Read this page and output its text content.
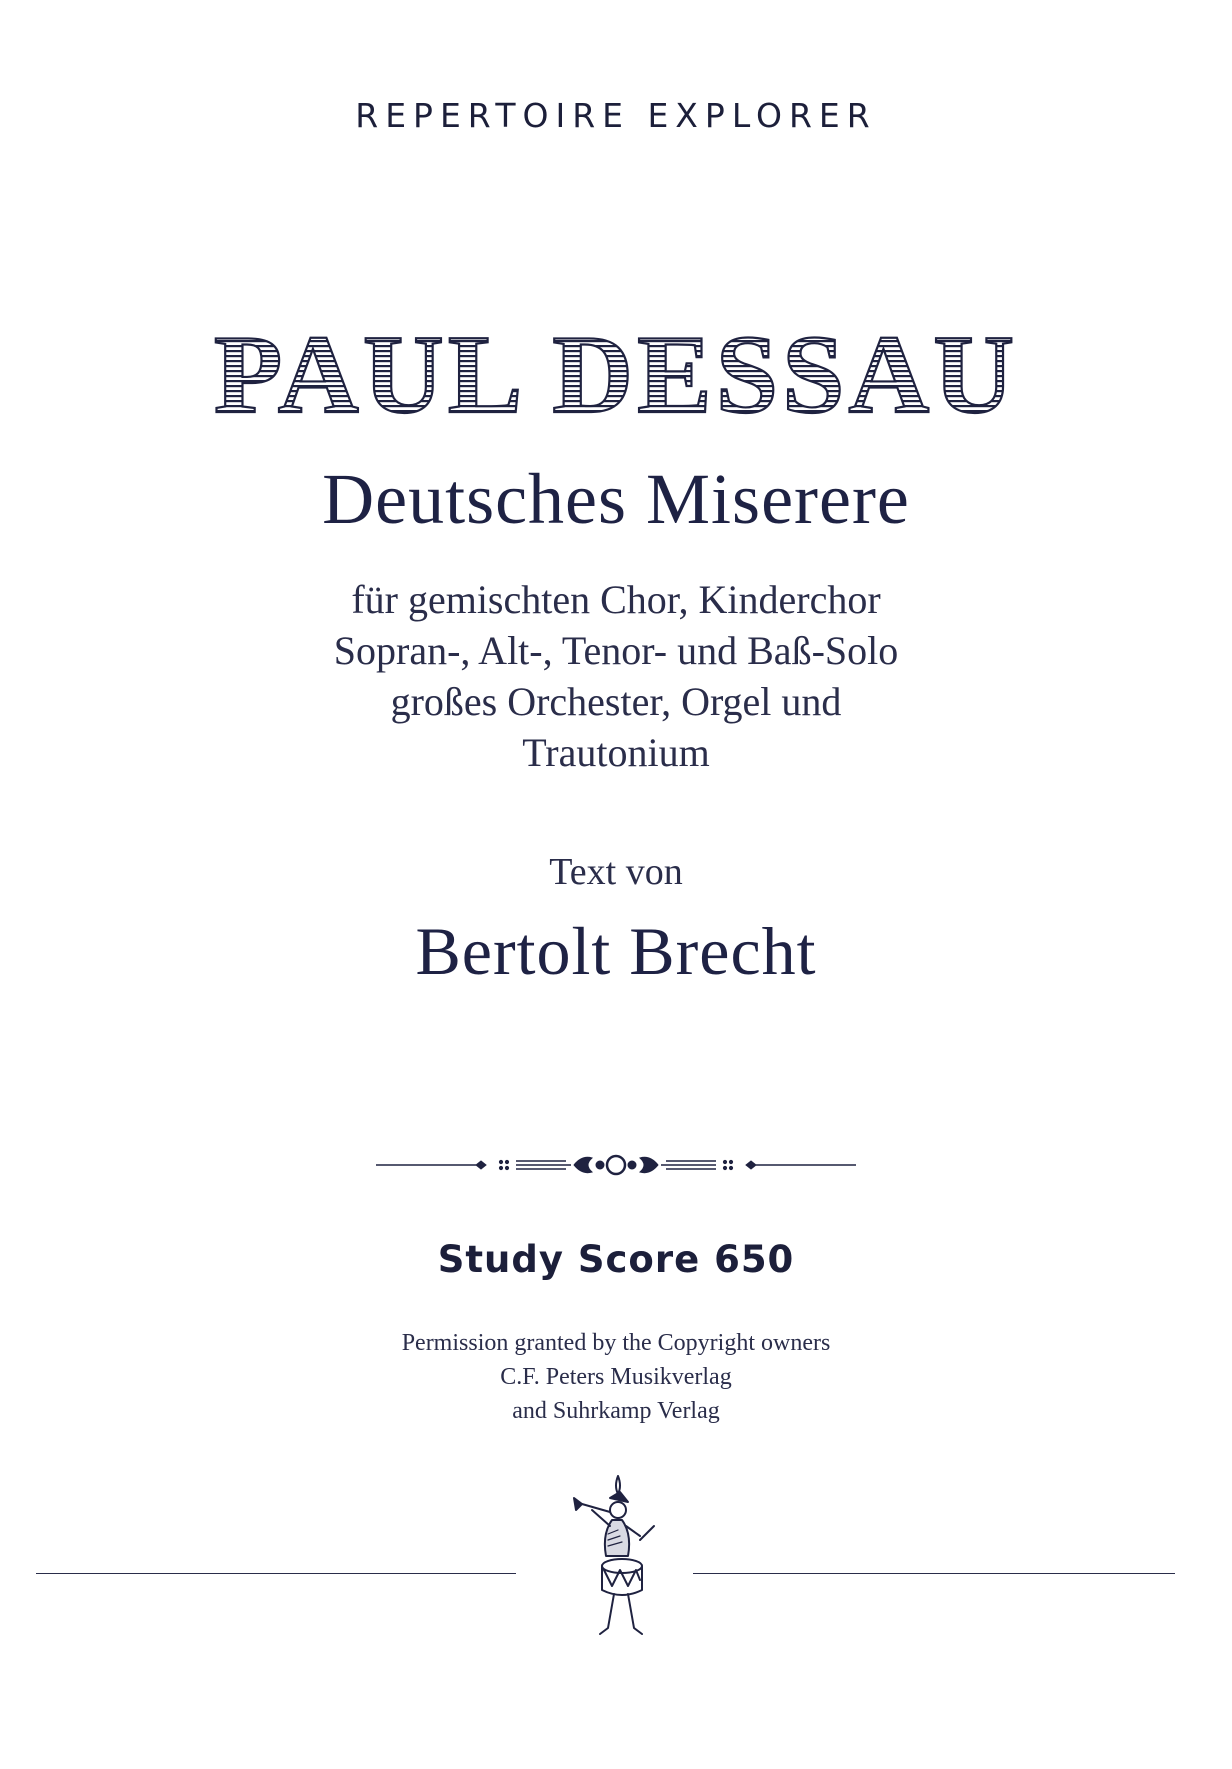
REPERTOIRE EXPLORER
PAUL DESSAU
Deutsches Miserere
für gemischten Chor, Kinderchor
Sopran-, Alt-, Tenor- und Baß-Solo
großes Orchester, Orgel und
Trautonium
Text von
Bertolt Brecht
Study Score 650
Permission granted by the Copyright owners
C.F. Peters Musikverlag
and Suhrkamp Verlag
